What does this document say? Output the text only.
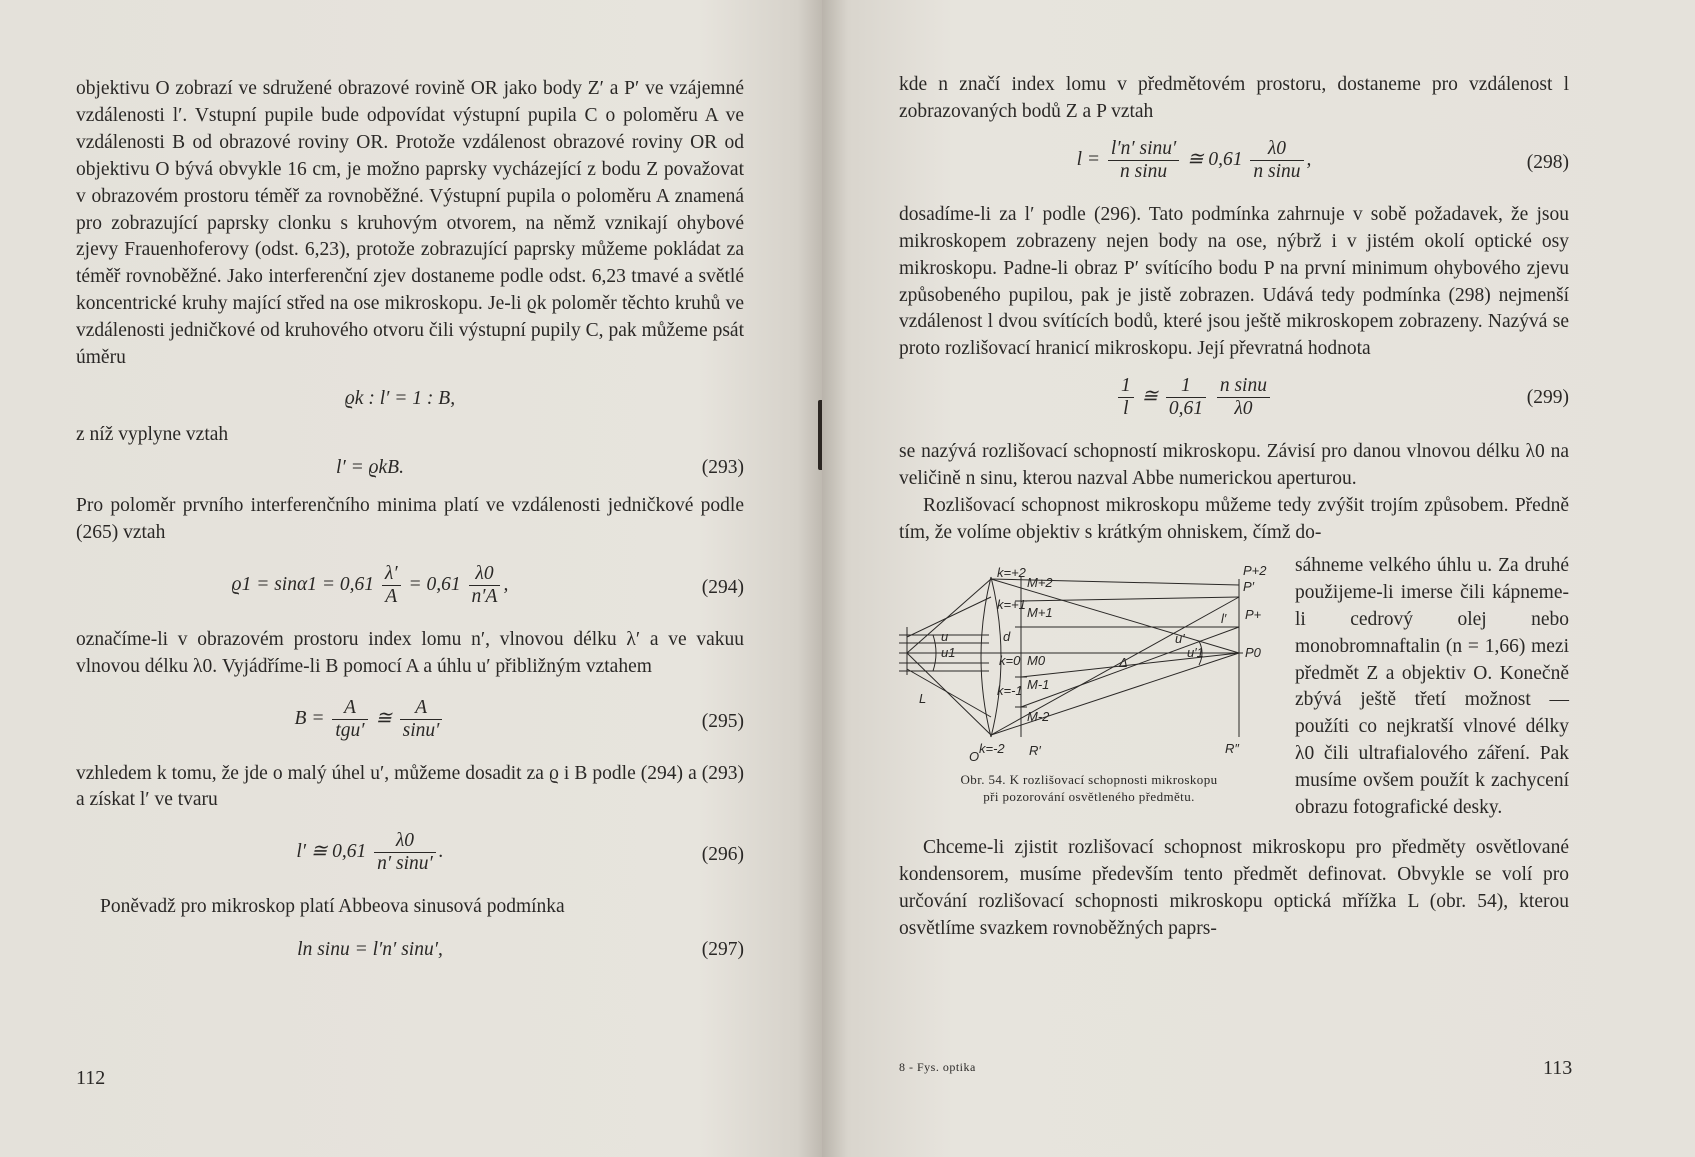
objektivu O zobrazí ve sdružené obrazové rovině OR jako body Z′ a P′ ve vzájemné vzdálenosti l′. Vstupní pupile bude odpovídat výstupní pupila C o poloměru A ve vzdálenosti B od obrazové roviny OR. Protože vzdálenost obrazové roviny OR od objektivu O bývá obvykle 16 cm, je možno paprsky vycházející z bodu Z považovat v obrazovém prostoru téměř za rovnoběžné. Výstupní pupila o poloměru A znamená pro zobrazující paprsky clonku s kruhovým otvorem, na němž vznikají ohybové zjevy Frauenhoferovy (odst. 6,23), protože zobrazující paprsky můžeme pokládat za téměř rovnoběžné. Jako interferenční zjev dostaneme podle odst. 6,23 tmavé a světlé koncentrické kruhy mající střed na ose mikroskopu. Je-li ϱk poloměr těchto kruhů ve vzdálenosti jedničkové od kruhového otvoru čili výstupní pupily C, pak můžeme psát úměru

ϱk : l′ = 1 : B,

z níž vyplyne vztah

l′ = ϱkB.	(293)

Pro poloměr prvního interferenčního minima platí ve vzdálenosti jedničkové podle (265) vztah

$ϱ1 = \sin\alpha 1 = 0,61 \frac{\lambda'}{A} = 0,61 \frac{\lambda 0}{n'A}$ ,	(294)

označíme-li v obrazovém prostoru index lomu n′, vlnovou délku λ′ a ve vakuu vlnovou délku λ0. Vyjádříme-li B pomocí A a úhlu u′ přibližným vztahem

$B = \frac{A}{\text{tgu′}}$ ≅ $\frac{A}{\sin u'}$	(295)

vzhledem k tomu, že jde o malý úhel u′, můžeme dosadit za ϱ i B podle (294) a (293) a získat l′ ve tvaru

l′ ≅ $0,61 \frac{\lambda 0}{n' \sin u'}$ .	(296)

Poněvadž pro mikroskop platí Abbeova sinusová podmínka

ln sinu = l′n′ sinu′,	(297)
112

kde n značí index lomu v předmětovém prostoru, dostaneme pro vzdálenost l zobrazovaných bodů Z a P vztah

$l = \frac{l'n' \sin u'}{\text{n sinu}}$ ≅ $0,61 \frac{\lambda 0}{\text{n sinu}}$ ,	(298)

dosadíme-li za l′ podle (296). Tato podmínka zahrnuje v sobě požadavek, že jsou mikroskopem zobrazeny nejen body na ose, nýbrž i v jistém okolí optické osy mikroskopu. Padne-li obraz P′ svítícího bodu P na první minimum ohybového zjevu způsobeného pupilou, pak je jistě zobrazen. Udává tedy podmínka (298) nejmenší vzdálenost l dvou svítících bodů, které jsou ještě mikroskopem zobrazeny. Nazývá se proto rozlišovací hranicí mikroskopu. Její převratná hodnota

$\frac{1}{l}$ ≅ $\frac{1}{0,61}$
$\frac{\text{n sinu}}{\lambda 0}$	(299)

se nazývá rozlišovací schopností mikroskopu. Závisí pro danou vlnovou délku λ0 na veličině n sinu, kterou nazval Abbe numerickou aperturou.

Rozlišovací schopnost mikroskopu můžeme tedy zvýšit trojím způsobem. Předně tím, že volíme objektiv s krátkým ohniskem, čímž do-

k=+2
k=+1
k=0
k=-1
k=-2
M+2
M+1
M0
M-1
M-2
P+2
P′
P+
P0
l′
u
u1
u′
u′1
d
Δ
L
O	R′	R″
Obr. 54. K rozlišovací schopnosti mikroskopu
při pozorování osvětleného předmětu.

sáhneme velkého úhlu u. Za druhé použijeme-li imerse čili kápneme-li cedrový olej nebo monobromnaftalin (n = 1,66) mezi předmět Z a objektiv O. Konečně zbývá ještě třetí možnost — použíti co nejkratší vlnové délky λ0 čili ultrafialového záření. Pak musíme ovšem použít k zachycení obrazu fotografické desky.

Chceme-li zjistit rozlišovací schopnost mikroskopu pro předměty osvětlované kondensorem, musíme především tento předmět definovat. Obvykle se volí pro určování rozlišovací schopnosti mikroskopu optická mřížka L (obr. 54), kterou osvětlíme svazkem rovnoběžných paprs-

8 - Fys. optika	113
